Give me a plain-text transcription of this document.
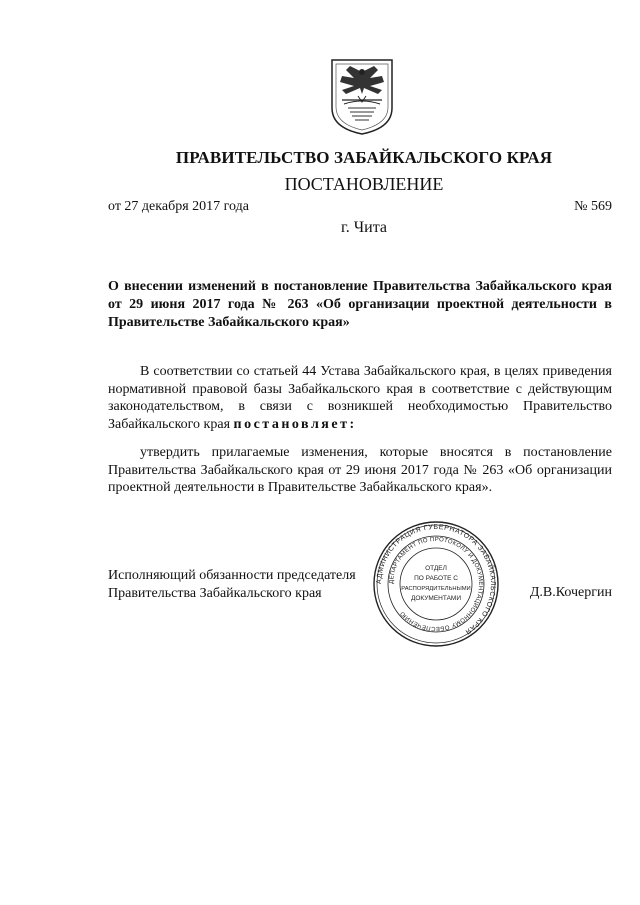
ПРАВИТЕЛЬСТВО ЗАБАЙКАЛЬСКОГО КРАЯ
ПОСТАНОВЛЕНИЕ
от 27 декабря 2017 года	№ 569
г. Чита
О внесении изменений в постановление Правительства Забайкальского края от 29 июня 2017 года № 263 «Об организации проектной деятельности в Правительстве Забайкальского края»

В соответствии со статьей 44 Устава Забайкальского края, в целях приведения нормативной правовой базы Забайкальского края в соответствие с действующим законодательством, в связи с возникшей необходимостью Правительство Забайкальского края постановляет:

утвердить прилагаемые изменения, которые вносятся в постановление Правительства Забайкальского края от 29 июня 2017 года № 263 «Об организации проектной деятельности в Правительстве Забайкальского края».

АДМИНИСТРАЦИЯ ГУБЕРНАТОРА ЗАБАЙКАЛЬСКОГО КРАЯ
ДЕПАРТАМЕНТ ПО ПРОТОКОЛУ И ДОКУМЕНТАЦИОННОМУ ОБЕСПЕЧЕНИЮ
ОТДЕЛ
ПО РАБОТЕ С
РАСПОРЯДИТЕЛЬНЫМИ
ДОКУМЕНТАМИ
Исполняющий обязанности председателя
Правительства Забайкальского края	Д.В.Кочергин
